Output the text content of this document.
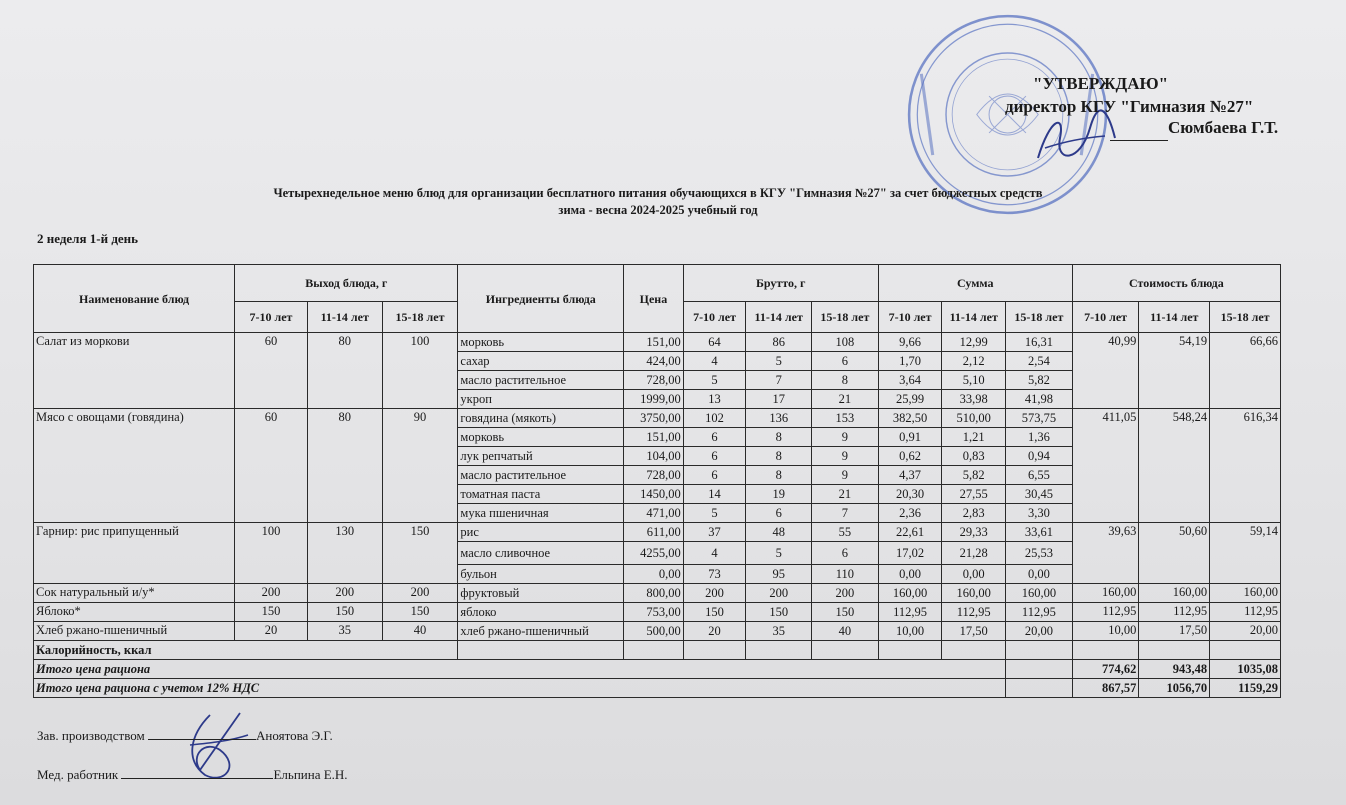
"УТВЕРЖДАЮ"
директор КГУ "Гимназия №27"
Сюмбаева Г.Т.
Четырехнедельное меню блюд для организации бесплатного питания обучающихся в КГУ "Гимназия №27" за счет бюджетных средств
зима - весна 2024-2025 учебный год
2 неделя 1-й день
Наименование блюд	Выход блюда, г			Ингредиенты блюда	Цена	Брутто, г			Сумма			Стоимость блюда		
	7-10 лет	11-14 лет	15-18 лет			7-10 лет	11-14 лет	15-18 лет	7-10 лет	11-14 лет	15-18 лет	7-10 лет	11-14 лет	15-18 лет
Салат из моркови	60	80	100	морковь	151,00	64	86	108	9,66	12,99	16,31	40,99	54,19	66,66
				сахар	424,00	4	5	6	1,70	2,12	2,54			
				масло растительное	728,00	5	7	8	3,64	5,10	5,82			
				укроп	1999,00	13	17	21	25,99	33,98	41,98			
Мясо с овощами (говядина)	60	80	90	говядина (мякоть)	3750,00	102	136	153	382,50	510,00	573,75	411,05	548,24	616,34
				морковь	151,00	6	8	9	0,91	1,21	1,36			
				лук репчатый	104,00	6	8	9	0,62	0,83	0,94			
				масло растительное	728,00	6	8	9	4,37	5,82	6,55			
				томатная паста	1450,00	14	19	21	20,30	27,55	30,45			
				мука пшеничная	471,00	5	6	7	2,36	2,83	3,30			
Гарнир: рис припущенный	100	130	150	рис	611,00	37	48	55	22,61	29,33	33,61	39,63	50,60	59,14
				масло сливочное	4255,00	4	5	6	17,02	21,28	25,53			
				бульон	0,00	73	95	110	0,00	0,00	0,00			
Сок натуральный и/у*	200	200	200	фруктовый	800,00	200	200	200	160,00	160,00	160,00	160,00	160,00	160,00
Яблоко*	150	150	150	яблоко	753,00	150	150	150	112,95	112,95	112,95	112,95	112,95	112,95
Хлеб ржано-пшеничный	20	35	40	хлеб ржано-пшеничный	500,00	20	35	40	10,00	17,50	20,00	10,00	17,50	20,00
Калорийность, ккал														
Итого цена рациона												774,62	943,48	1035,08
Итого цена рациона с учетом 12% НДС												867,57	1056,70	1159,29
Зав. производством	Аноятова Э.Г.
Мед. работник	Ельпина Е.Н.
